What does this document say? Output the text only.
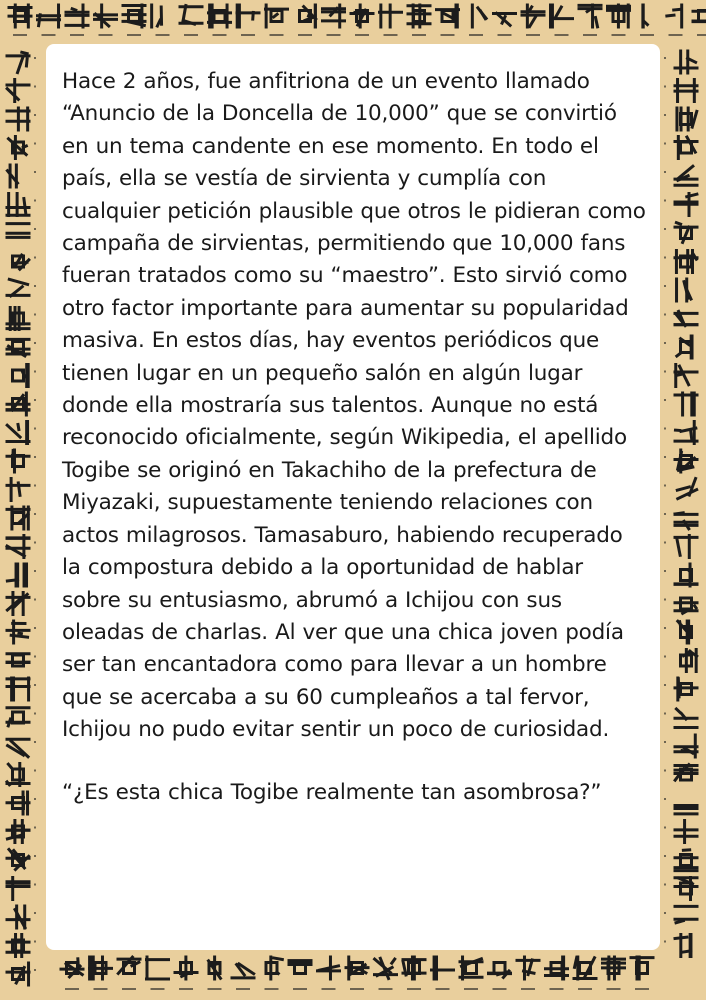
Hace 2 años, fue anfitriona de un evento llamado “Anuncio de la Doncella de 10,000” que se convirtió en un tema candente en ese momento. En todo el país, ella se vestía de sirvienta y cumplía con cualquier petición plausible que otros le pidieran como campaña de sirvientas, permitiendo que 10,000 fans fueran tratados como su “maestro”. Esto sirvió como otro factor importante para aumentar su popularidad masiva. En estos días, hay eventos periódicos que tienen lugar en un pequeño salón en algún lugar donde ella mostraría sus talentos. Aunque no está reconocido oficialmente, según Wikipedia, el apellido Togibe se originó en Takachiho de la prefectura de Miyazaki, supuestamente teniendo relaciones con actos milagrosos. Tamasaburo, habiendo recuperado la compostura debido a la oportunidad de hablar sobre su entusiasmo, abrumó a Ichijou con sus oleadas de charlas. Al ver que una chica joven podía ser tan encantadora como para llevar a un hombre que se acercaba a su 60 cumpleaños a tal fervor, Ichijou no pudo evitar sentir un poco de curiosidad.

“¿Es esta chica Togibe realmente tan asombrosa?”
